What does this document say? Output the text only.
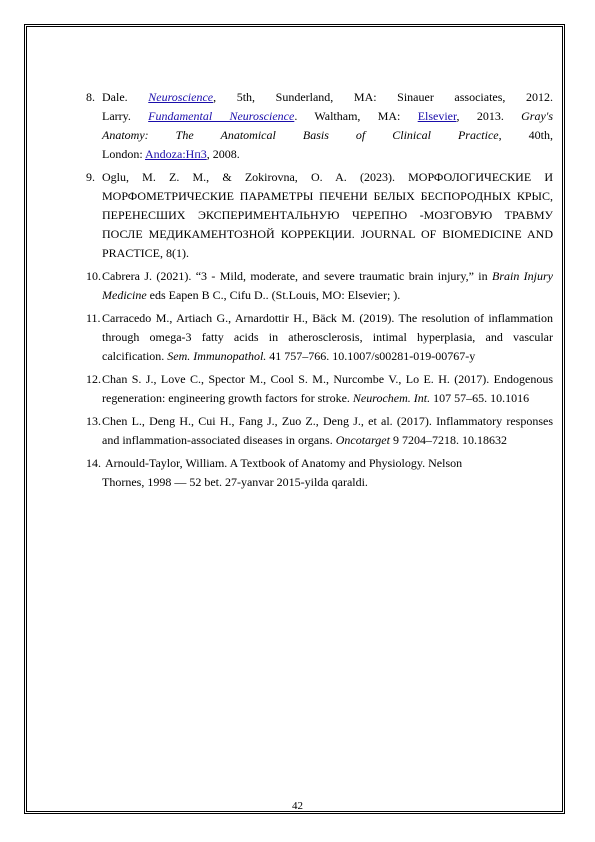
8. Dale. Neuroscience, 5th, Sunderland, MA: Sinauer associates, 2012.
Larry. Fundamental Neuroscience. Waltham, MA: Elsevier, 2013. Gray's
Anatomy: The Anatomical Basis of Clinical Practice, 40th,
London: Andoza:Нп3, 2008.
9. Oglu, M. Z. M., & Zokirovna, O. A. (2023). МОРФОЛОГИЧЕСКИЕ И МОРФОМЕТРИЧЕСКИЕ ПАРАМЕТРЫ ПЕЧЕНИ БЕЛЫХ БЕСПОРОДНЫХ КРЫС, ПЕРЕНЕСШИХ ЭКСПЕРИМЕНТАЛЬНУЮ ЧЕРЕПНО -МОЗГОВУЮ ТРАВМУ ПОСЛЕ МЕДИКАМЕНТОЗНОЙ КОРРЕКЦИИ. JOURNAL OF BIOMEDICINE AND PRACTICE, 8(1).
10. Cabrera J. (2021). “3 - Mild, moderate, and severe traumatic brain injury,” in Brain Injury Medicine eds Eapen B C., Cifu D.. (St.Louis, MO: Elsevier; ).
11. Carracedo M., Artiach G., Arnardottir H., Bäck M. (2019). The resolution of inflammation through omega-3 fatty acids in atherosclerosis, intimal hyperplasia, and vascular calcification. Sem. Immunopathol. 41 757–766. 10.1007/s00281-019-00767-y
12. Chan S. J., Love C., Spector M., Cool S. M., Nurcombe V., Lo E. H. (2017). Endogenous regeneration: engineering growth factors for stroke. Neurochem. Int. 107 57–65. 10.1016
13. Chen L., Deng H., Cui H., Fang J., Zuo Z., Deng J., et al. (2017). Inflammatory responses and inflammation-associated diseases in organs. Oncotarget 9 7204–7218. 10.18632
14. Arnould-Taylor, William. A Textbook of Anatomy and Physiology. Nelson
Thornes, 1998 — 52 bet. 27-yanvar 2015-yilda qaraldi.
42
